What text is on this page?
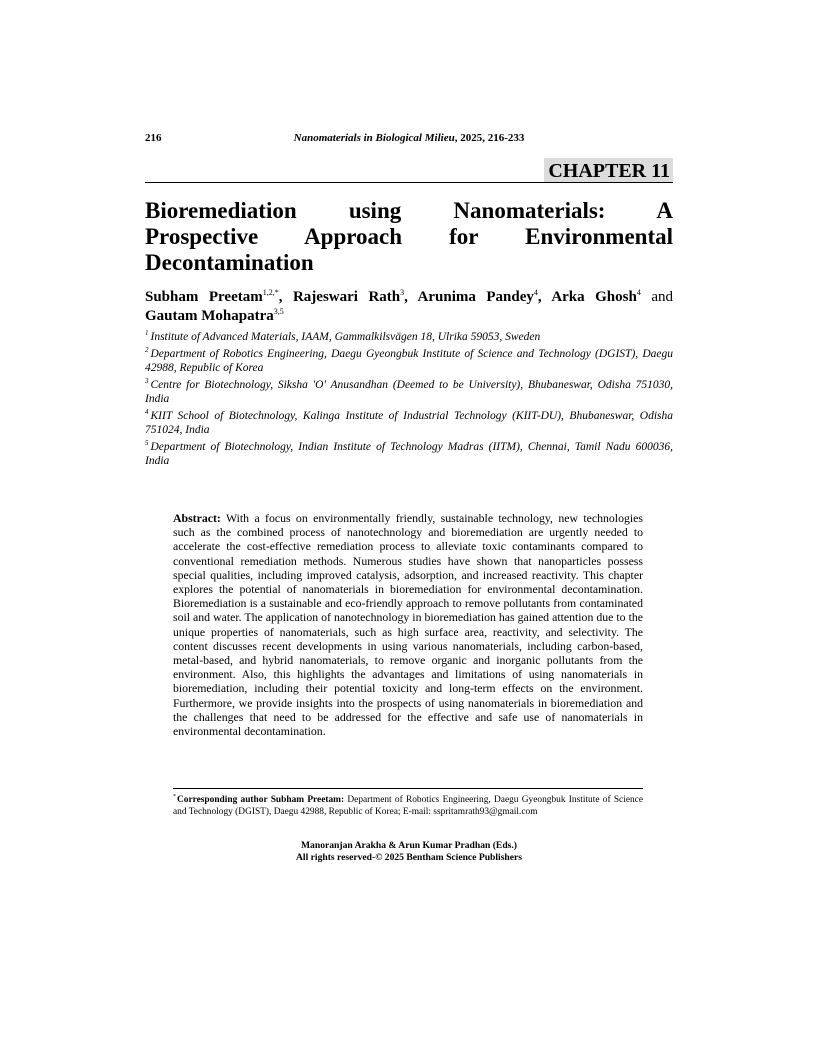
216	Nanomaterials in Biological Milieu, 2025, 216-233
CHAPTER 11
Bioremediation using Nanomaterials: A
Prospective Approach for Environmental
Decontamination
Subham Preetam$^{1,2,*}$, Rajeswari Rath$^3$, Arunima Pandey$^4$, Arka Ghosh$^4$ and Gautam Mohapatra$^{3,5}$
$^1$ Institute of Advanced Materials, IAAM, Gammalkilsvägen 18, Ulrika 59053, Sweden
$^2$ Department of Robotics Engineering, Daegu Gyeongbuk Institute of Science and Technology (DGIST), Daegu 42988, Republic of Korea
$^3$ Centre for Biotechnology, Siksha 'O' Anusandhan (Deemed to be University), Bhubaneswar, Odisha 751030, India
$^4$ KIIT School of Biotechnology, Kalinga Institute of Industrial Technology (KIIT-DU), Bhubaneswar, Odisha 751024, India
$^5$ Department of Biotechnology, Indian Institute of Technology Madras (IITM), Chennai, Tamil Nadu 600036, India
Abstract: With a focus on environmentally friendly, sustainable technology, new technologies such as the combined process of nanotechnology and bioremediation are urgently needed to accelerate the cost-effective remediation process to alleviate toxic contaminants compared to conventional remediation methods. Numerous studies have shown that nanoparticles possess special qualities, including improved catalysis, adsorption, and increased reactivity. This chapter explores the potential of nanomaterials in bioremediation for environmental decontamination. Bioremediation is a sustainable and eco-friendly approach to remove pollutants from contaminated soil and water. The application of nanotechnology in bioremediation has gained attention due to the unique properties of nanomaterials, such as high surface area, reactivity, and selectivity. The content discusses recent developments in using various nanomaterials, including carbon-based, metal-based, and hybrid nanomaterials, to remove organic and inorganic pollutants from the environment. Also, this highlights the advantages and limitations of using nanomaterials in bioremediation, including their potential toxicity and long-term effects on the environment. Furthermore, we provide insights into the prospects of using nanomaterials in bioremediation and the challenges that need to be addressed for the effective and safe use of nanomaterials in environmental decontamination.
*Corresponding author Subham Preetam: Department of Robotics Engineering, Daegu Gyeongbuk Institute of Science and Technology (DGIST), Daegu 42988, Republic of Korea; E-mail: sspritamrath93@gmail.com
Manoranjan Arakha & Arun Kumar Pradhan (Eds.)
All rights reserved-© 2025 Bentham Science Publishers
